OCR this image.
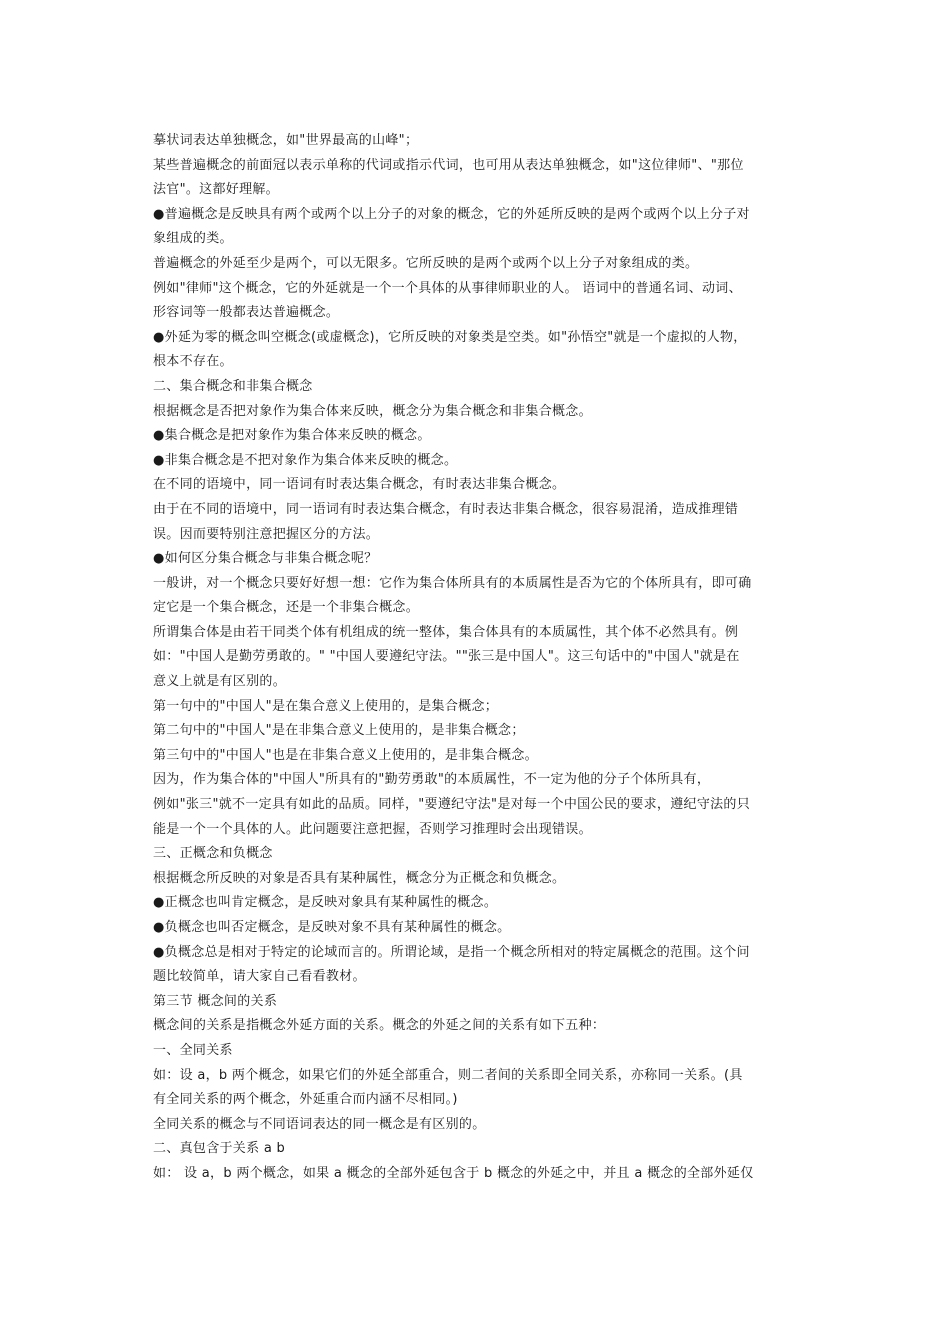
摹状词表达单独概念，如"世界最高的山峰"；

某些普遍概念的前面冠以表示单称的代词或指示代词，也可用从表达单独概念，如"这位律师"、"那位

法官"。这都好理解。

●普遍概念是反映具有两个或两个以上分子的对象的概念，它的外延所反映的是两个或两个以上分子对

象组成的类。

普遍概念的外延至少是两个，可以无限多。它所反映的是两个或两个以上分子对象组成的类。

例如"律师"这个概念，它的外延就是一个一个具体的从事律师职业的人。 语词中的普通名词、动词、

形容词等一般都表达普遍概念。

●外延为零的概念叫空概念(或虚概念)，它所反映的对象类是空类。如"孙悟空"就是一个虚拟的人物，

根本不存在。

二、集合概念和非集合概念

根据概念是否把对象作为集合体来反映，概念分为集合概念和非集合概念。

●集合概念是把对象作为集合体来反映的概念。

●非集合概念是不把对象作为集合体来反映的概念。

在不同的语境中，同一语词有时表达集合概念，有时表达非集合概念。

由于在不同的语境中，同一语词有时表达集合概念，有时表达非集合概念，很容易混淆，造成推理错

误。因而要特别注意把握区分的方法。

●如何区分集合概念与非集合概念呢？

一般讲，对一个概念只要好好想一想：它作为集合体所具有的本质属性是否为它的个体所具有，即可确

定它是一个集合概念，还是一个非集合概念。

所谓集合体是由若干同类个体有机组成的统一整体，集合体具有的本质属性，其个体不必然具有。例

如："中国人是勤劳勇敢的。" "中国人要遵纪守法。""张三是中国人"。这三句话中的"中国人"就是在

意义上就是有区别的。

第一句中的"中国人"是在集合意义上使用的，是集合概念；

第二句中的"中国人"是在非集合意义上使用的，是非集合概念；

第三句中的"中国人"也是在非集合意义上使用的，是非集合概念。

因为，作为集合体的"中国人"所具有的"勤劳勇敢"的本质属性，不一定为他的分子个体所具有，

例如"张三"就不一定具有如此的品质。同样，"要遵纪守法"是对每一个中国公民的要求，遵纪守法的只

能是一个一个具体的人。此问题要注意把握，否则学习推理时会出现错误。

三、正概念和负概念

根据概念所反映的对象是否具有某种属性，概念分为正概念和负概念。

●正概念也叫肯定概念，是反映对象具有某种属性的概念。

●负概念也叫否定概念，是反映对象不具有某种属性的概念。

●负概念总是相对于特定的论域而言的。所谓论域，是指一个概念所相对的特定属概念的范围。这个问

题比较简单，请大家自己看看教材。

第三节 概念间的关系

概念间的关系是指概念外延方面的关系。概念的外延之间的关系有如下五种：

一、全同关系

如：设 a，b 两个概念，如果它们的外延全部重合，则二者间的关系即全同关系，亦称同一关系。(具

有全同关系的两个概念，外延重合而内涵不尽相同。)

全同关系的概念与不同语词表达的同一概念是有区别的。

二、真包含于关系 a b

如： 设 a，b 两个概念，如果 a 概念的全部外延包含于 b 概念的外延之中，并且 a 概念的全部外延仅
